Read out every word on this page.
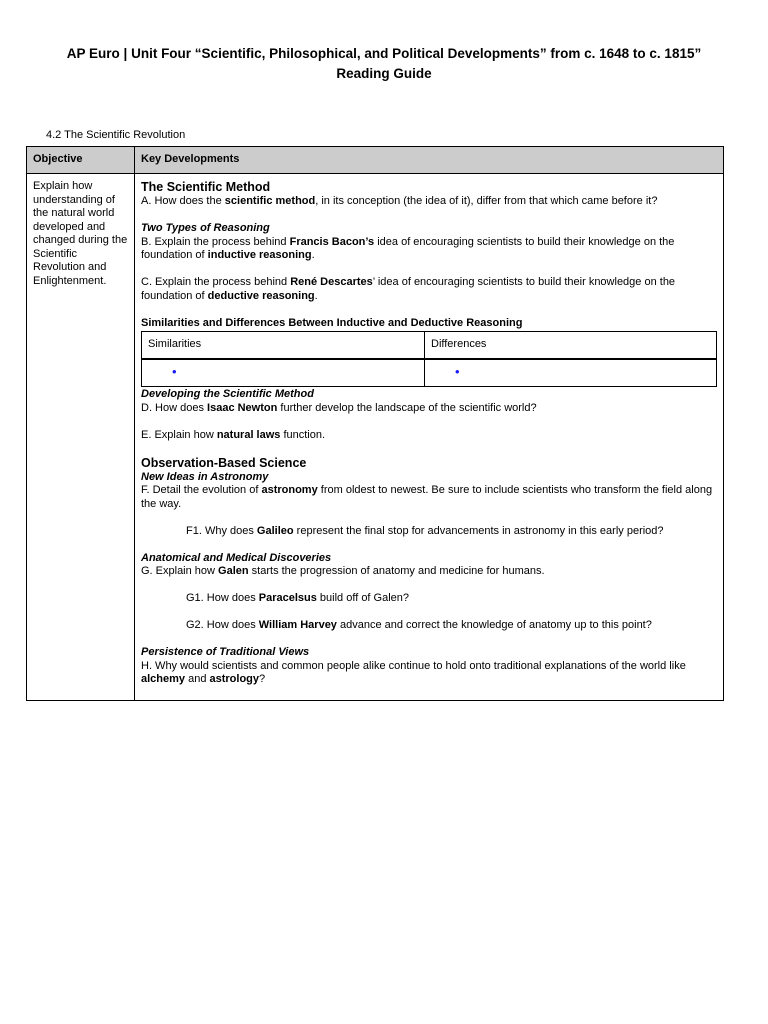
AP Euro | Unit Four “Scientific, Philosophical, and Political Developments” from c. 1648 to c. 1815”
Reading Guide
4.2 The Scientific Revolution
Objective	Key Developments
Explain how understanding of the natural world developed and changed during the Scientific Revolution and Enlightenment.	
The Scientific Method

A. How does the scientific method, in its conception (the idea of it), differ from that which came before it?

Two Types of Reasoning

B. Explain the process behind Francis Bacon’s idea of encouraging scientists to build their knowledge on the foundation of inductive reasoning.

C. Explain the process behind René Descartes’ idea of encouraging scientists to build their knowledge on the foundation of deductive reasoning.

Similarities and Differences Between Inductive and Deductive Reasoning
Similarities	Differences
•	•
Developing the Scientific Method

D. How does Isaac Newton further develop the landscape of the scientific world?

E. Explain how natural laws function.

Observation-Based Science
New Ideas in Astronomy

F. Detail the evolution of astronomy from oldest to newest. Be sure to include scientists who transform the field along the way.

F1. Why does Galileo represent the final stop for advancements in astronomy in this early period?

Anatomical and Medical Discoveries

G. Explain how Galen starts the progression of anatomy and medicine for humans.

G1. How does Paracelsus build off of Galen?

G2. How does William Harvey advance and correct the knowledge of anatomy up to this point?

Persistence of Traditional Views

H. Why would scientists and common people alike continue to hold onto traditional explanations of the world like alchemy and astrology?
